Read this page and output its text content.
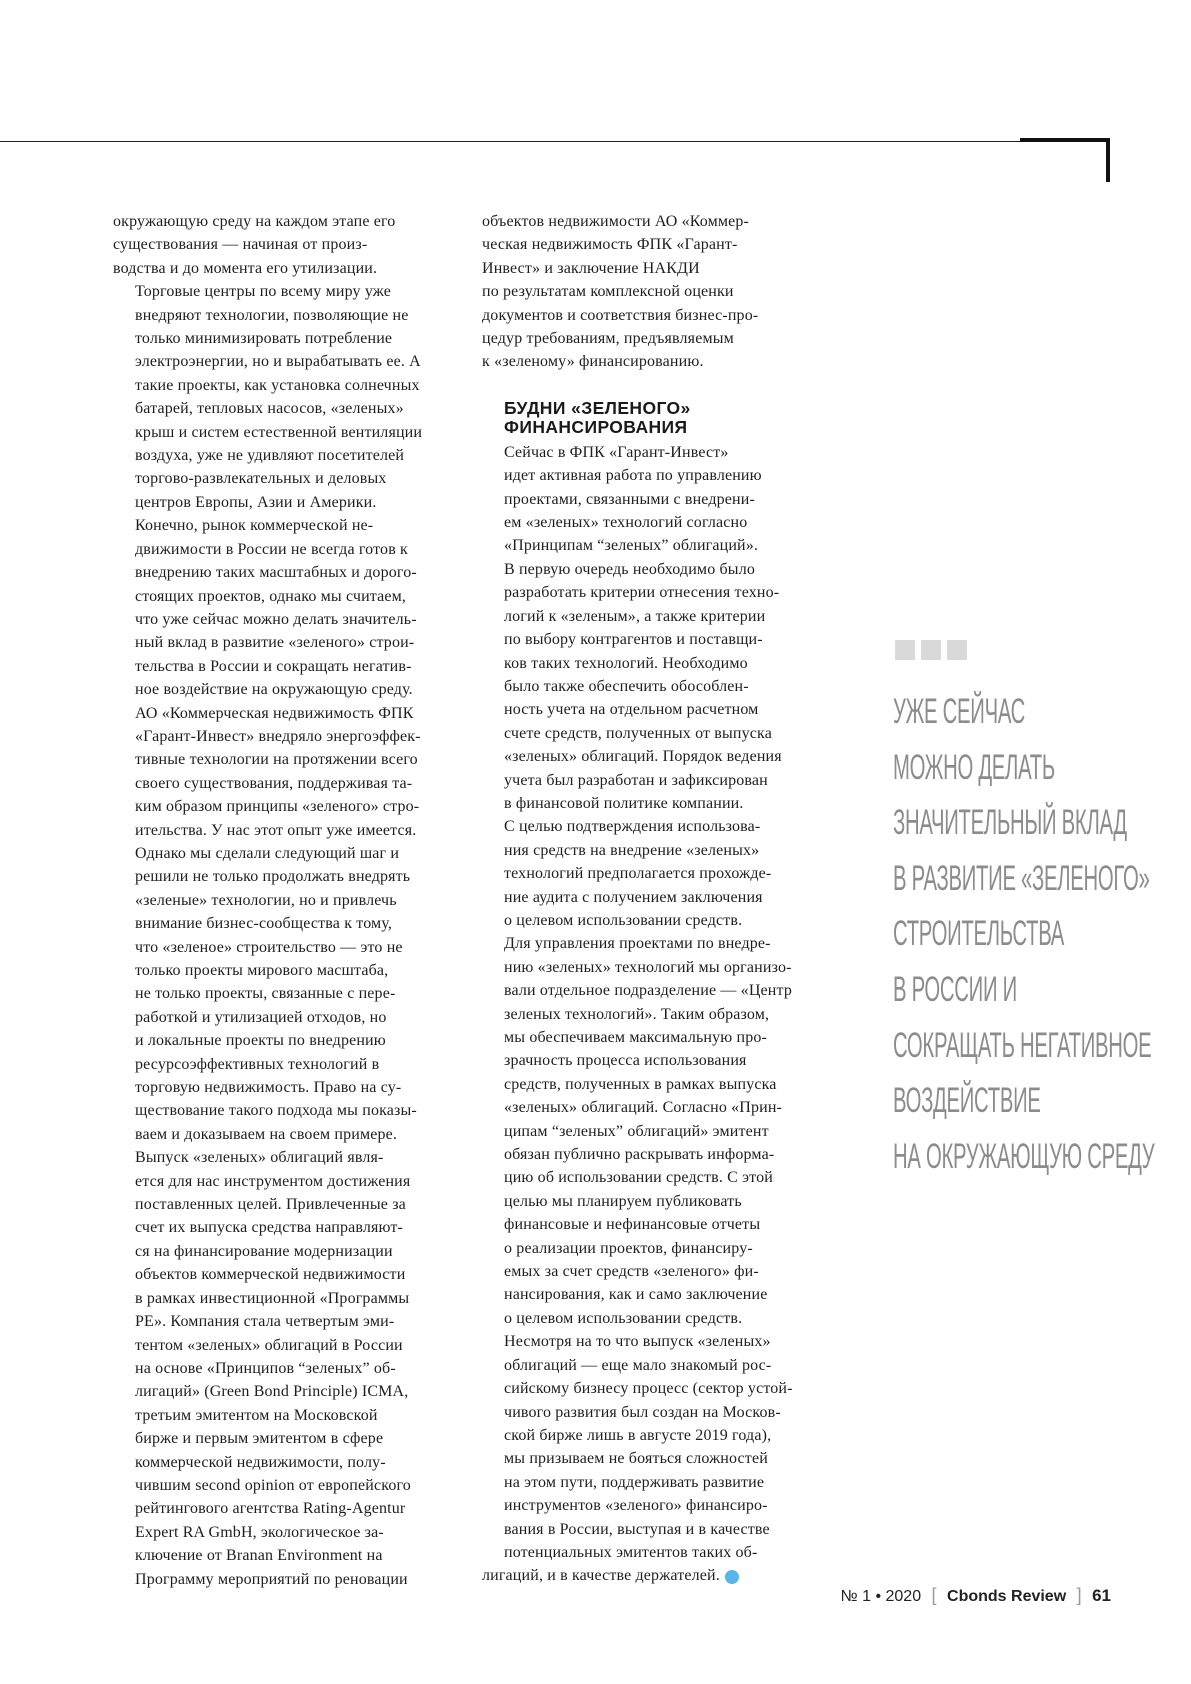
окружающую среду на каждом этапе его
существования — начиная от произ-
водства и до момента его утилизации.

Торговые центры по всему миру уже
внедряют технологии, позволяющие не
только минимизировать потребление
электроэнергии, но и вырабатывать ее. А
такие проекты, как установка солнечных
батарей, тепловых насосов, «зеленых»
крыш и систем естественной вентиляции
воздуха, уже не удивляют посетителей
торгово-развлекательных и деловых
центров Европы, Азии и Америки.

Конечно, рынок коммерческой не-
движимости в России не всегда готов к
внедрению таких масштабных и дорого-
стоящих проектов, однако мы считаем,
что уже сейчас можно делать значитель-
ный вклад в развитие «зеленого» строи-
тельства в России и сокращать негатив-
ное воздействие на окружающую среду.
АО «Коммерческая недвижимость ФПК
«Гарант-Инвест» внедряло энергоэффек-
тивные технологии на протяжении всего
своего существования, поддерживая та-
ким образом принципы «зеленого» стро-
ительства. У нас этот опыт уже имеется.

Однако мы сделали следующий шаг и
решили не только продолжать внедрять
«зеленые» технологии, но и привлечь
внимание бизнес-сообщества к тому,
что «зеленое» строительство — это не
только проекты мирового масштаба,
не только проекты, связанные с пере-
работкой и утилизацией отходов, но
и локальные проекты по внедрению
ресурсоэффективных технологий в
торговую недвижимость. Право на су-
ществование такого подхода мы показы-
ваем и доказываем на своем примере.

Выпуск «зеленых» облигаций явля-
ется для нас инструментом достижения
поставленных целей. Привлеченные за
счет их выпуска средства направляют-
ся на финансирование модернизации
объектов коммерческой недвижимости
в рамках инвестиционной «Программы
РЕ». Компания стала четвертым эми-
тентом «зеленых» облигаций в России
на основе «Принципов “зеленых” об-
лигаций» (Green Bond Principle) ICMA,
третьим эмитентом на Московской
бирже и первым эмитентом в сфере
коммерческой недвижимости, полу-
чившим second opinion от европейского
рейтингового агентства Rating-Agentur
Expert RA GmbH, экологическое за-
ключение от Branan Environment на
Программу мероприятий по реновации

объектов недвижимости АО «Коммер-
ческая недвижимость ФПК «Гарант-
Инвест» и заключение НАКДИ
по результатам комплексной оценки
документов и соответствия бизнес-про-
цедур требованиям, предъявляемым
к «зеленому» финансированию.

БУДНИ «ЗЕЛЕНОГО»
ФИНАНСИРОВАНИЯ

Сейчас в ФПК «Гарант-Инвест»
идет активная работа по управлению
проектами, связанными с внедрени-
ем «зеленых» технологий согласно
«Принципам “зеленых” облигаций».

В первую очередь необходимо было
разработать критерии отнесения техно-
логий к «зеленым», а также критерии
по выбору контрагентов и поставщи-
ков таких технологий. Необходимо
было также обеспечить обособлен-
ность учета на отдельном расчетном
счете средств, полученных от выпуска
«зеленых» облигаций. Порядок ведения
учета был разработан и зафиксирован
в финансовой политике компании.
С целью подтверждения использова-
ния средств на внедрение «зеленых»
технологий предполагается прохожде-
ние аудита с получением заключения
о целевом использовании средств.

Для управления проектами по внедре-
нию «зеленых» технологий мы организо-
вали отдельное подразделение — «Центр
зеленых технологий». Таким образом,
мы обеспечиваем максимальную про-
зрачность процесса использования
средств, полученных в рамках выпуска
«зеленых» облигаций. Согласно «Прин-
ципам “зеленых” облигаций» эмитент
обязан публично раскрывать информа-
цию об использовании средств. С этой
целью мы планируем публиковать
финансовые и нефинансовые отчеты
о реализации проектов, финансиру-
емых за счет средств «зеленого» фи-
нансирования, как и само заключение
о целевом использовании средств.

Несмотря на то что выпуск «зеленых»
облигаций — еще мало знакомый рос-
сийскому бизнесу процесс (сектор устой-
чивого развития был создан на Москов-
ской бирже лишь в августе 2019 года),
мы призываем не бояться сложностей
на этом пути, поддерживать развитие
инструментов «зеленого» финансиро-
вания в России, выступая и в качестве
потенциальных эмитентов таких об-
лигаций, и в качестве держателей.	C

УЖЕ СЕЙЧАС
МОЖНО ДЕЛАТЬ
ЗНАЧИТЕЛЬНЫЙ ВКЛАД
В РАЗВИТИЕ «ЗЕЛЕНОГО»
СТРОИТЕЛЬСТВА
В РОССИИ И
СОКРАЩАТЬ НЕГАТИВНОЕ
ВОЗДЕЙСТВИЕ
НА ОКРУЖАЮЩУЮ СРЕДУ
№ 1 • 2020 [ Cbonds Review ] 61
